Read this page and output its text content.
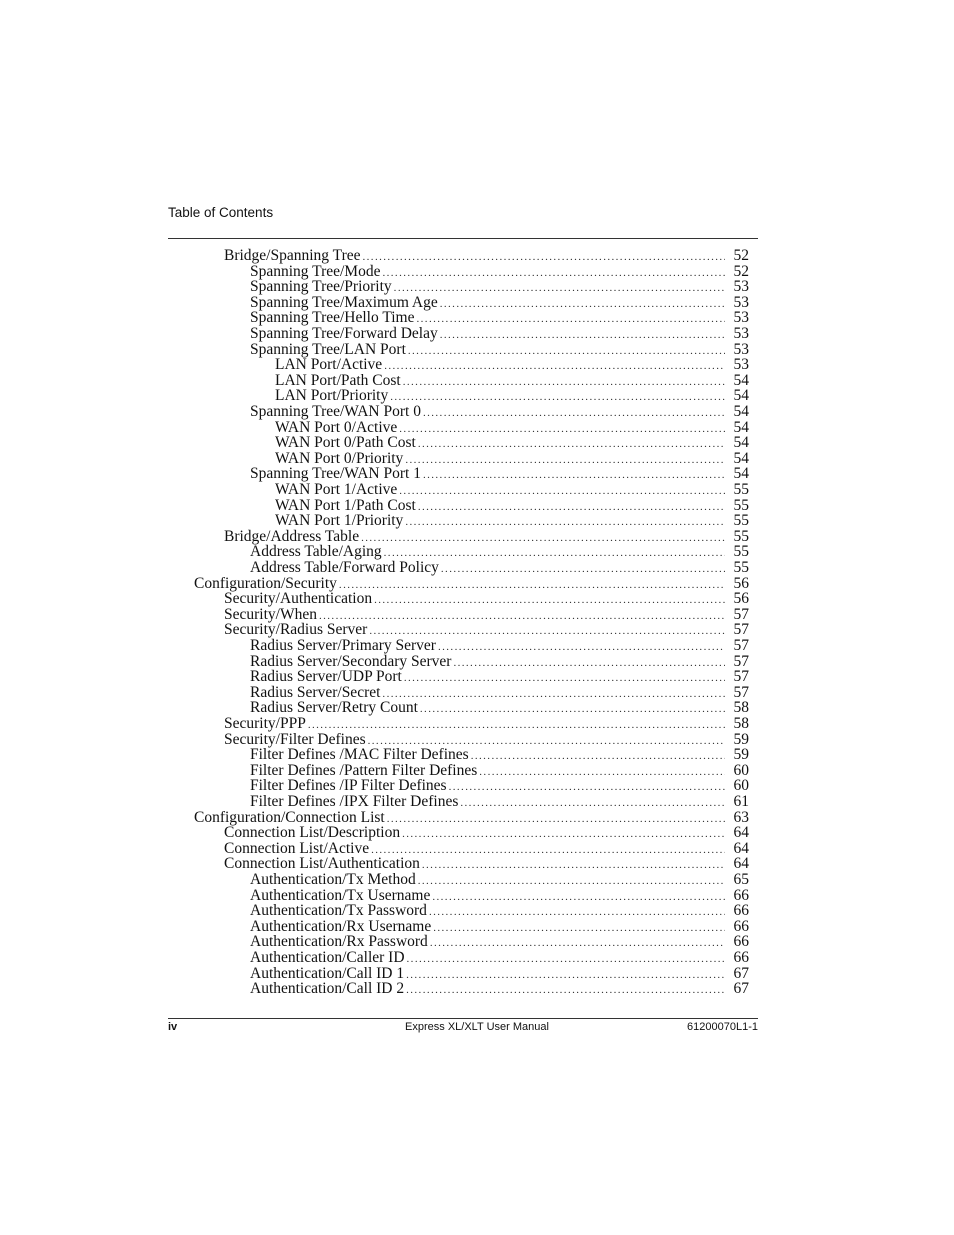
Table of Contents
Bridge/Spanning Tree .....	52
Spanning Tree/Mode .....	52
Spanning Tree/Priority .....	53
Spanning Tree/Maximum Age .....	53
Spanning Tree/Hello Time .....	53
Spanning Tree/Forward Delay .....	53
Spanning Tree/LAN Port .....	53
LAN Port/Active .....	53
LAN Port/Path Cost .....	54
LAN Port/Priority .....	54
Spanning Tree/WAN Port 0 .....	54
WAN Port 0/Active .....	54
WAN Port 0/Path Cost .....	54
WAN Port 0/Priority .....	54
Spanning Tree/WAN Port 1 .....	54
WAN Port 1/Active .....	55
WAN Port 1/Path Cost .....	55
WAN Port 1/Priority .....	55
Bridge/Address Table .....	55
Address Table/Aging .....	55
Address Table/Forward Policy .....	55
Configuration/Security .....	56
Security/Authentication .....	56
Security/When .....	57
Security/Radius Server .....	57
Radius Server/Primary Server .....	57
Radius Server/Secondary Server .....	57
Radius Server/UDP Port .....	57
Radius Server/Secret .....	57
Radius Server/Retry Count .....	58
Security/PPP .....	58
Security/Filter Defines .....	59
Filter Defines /MAC Filter Defines .....	59
Filter Defines /Pattern Filter Defines .....	60
Filter Defines /IP Filter Defines .....	60
Filter Defines /IPX Filter Defines .....	61
Configuration/Connection List .....	63
Connection List/Description .....	64
Connection List/Active .....	64
Connection List/Authentication .....	64
Authentication/Tx Method .....	65
Authentication/Tx Username .....	66
Authentication/Tx Password .....	66
Authentication/Rx Username .....	66
Authentication/Rx Password .....	66
Authentication/Caller ID .....	66
Authentication/Call ID 1 .....	67
Authentication/Call ID 2 .....	67
iv	Express XL/XLT User Manual	61200070L1-1
